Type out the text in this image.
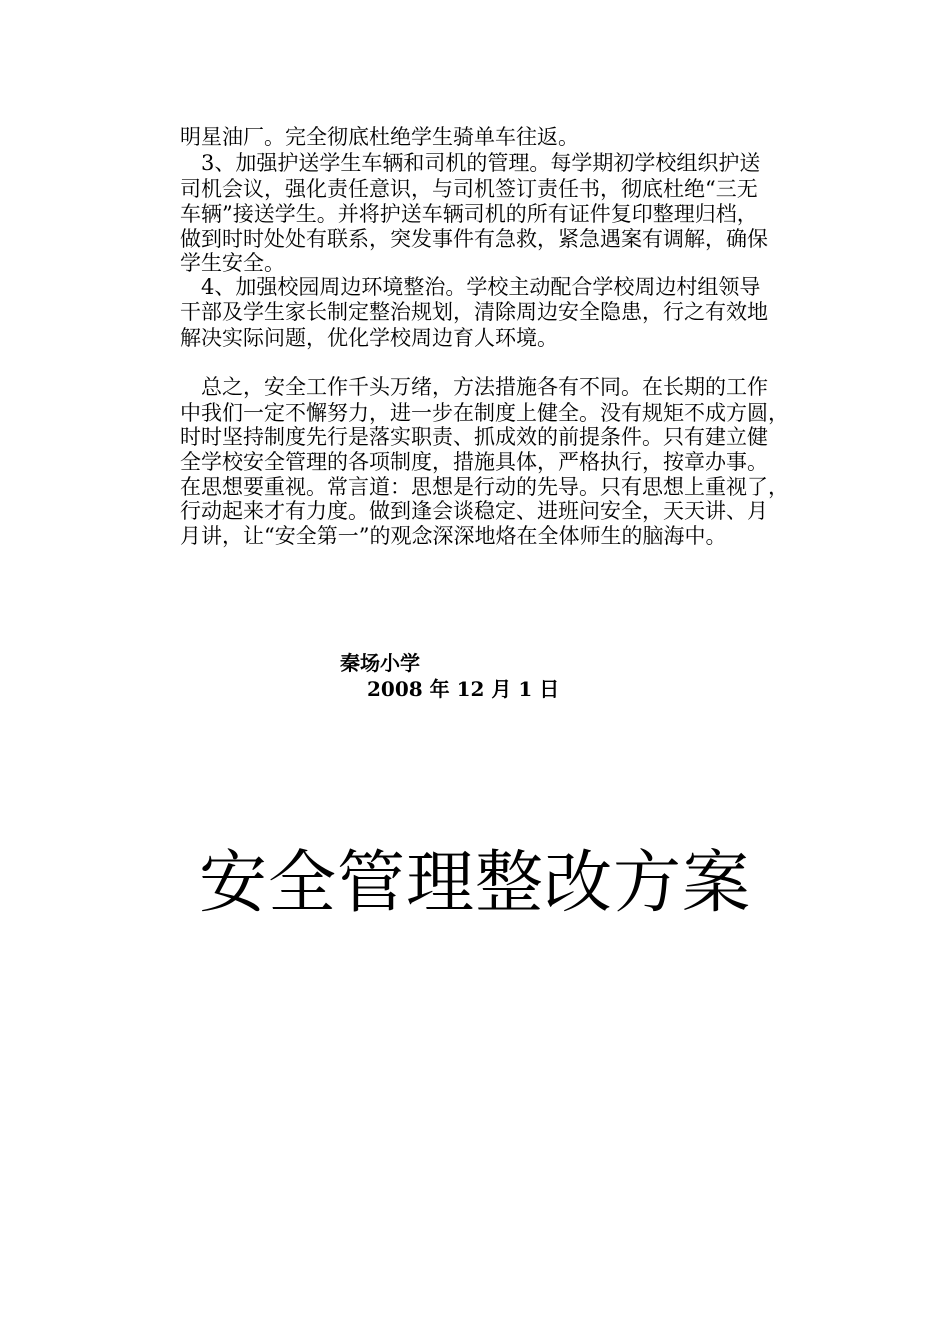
明星油厂。完全彻底杜绝学生骑单车往返。
　3、加强护送学生车辆和司机的管理。每学期初学校组织护送
司机会议，强化责任意识，与司机签订责任书，彻底杜绝“三无
车辆”接送学生。并将护送车辆司机的所有证件复印整理归档，
做到时时处处有联系，突发事件有急救，紧急遇案有调解，确保
学生安全。
　4、加强校园周边环境整治。学校主动配合学校周边村组领导
干部及学生家长制定整治规划，清除周边安全隐患，行之有效地
解决实际问题，优化学校周边育人环境。
　总之，安全工作千头万绪，方法措施各有不同。在长期的工作
中我们一定不懈努力，进一步在制度上健全。没有规矩不成方圆，
时时坚持制度先行是落实职责、抓成效的前提条件。只有建立健
全学校安全管理的各项制度，措施具体，严格执行，按章办事。
在思想要重视。常言道：思想是行动的先导。只有思想上重视了，
行动起来才有力度。做到逢会谈稳定、进班问安全，天天讲、月
月讲，让“安全第一”的观念深深地烙在全体师生的脑海中。
秦场小学
2008 年 12 月 1 日
安全管理整改方案
